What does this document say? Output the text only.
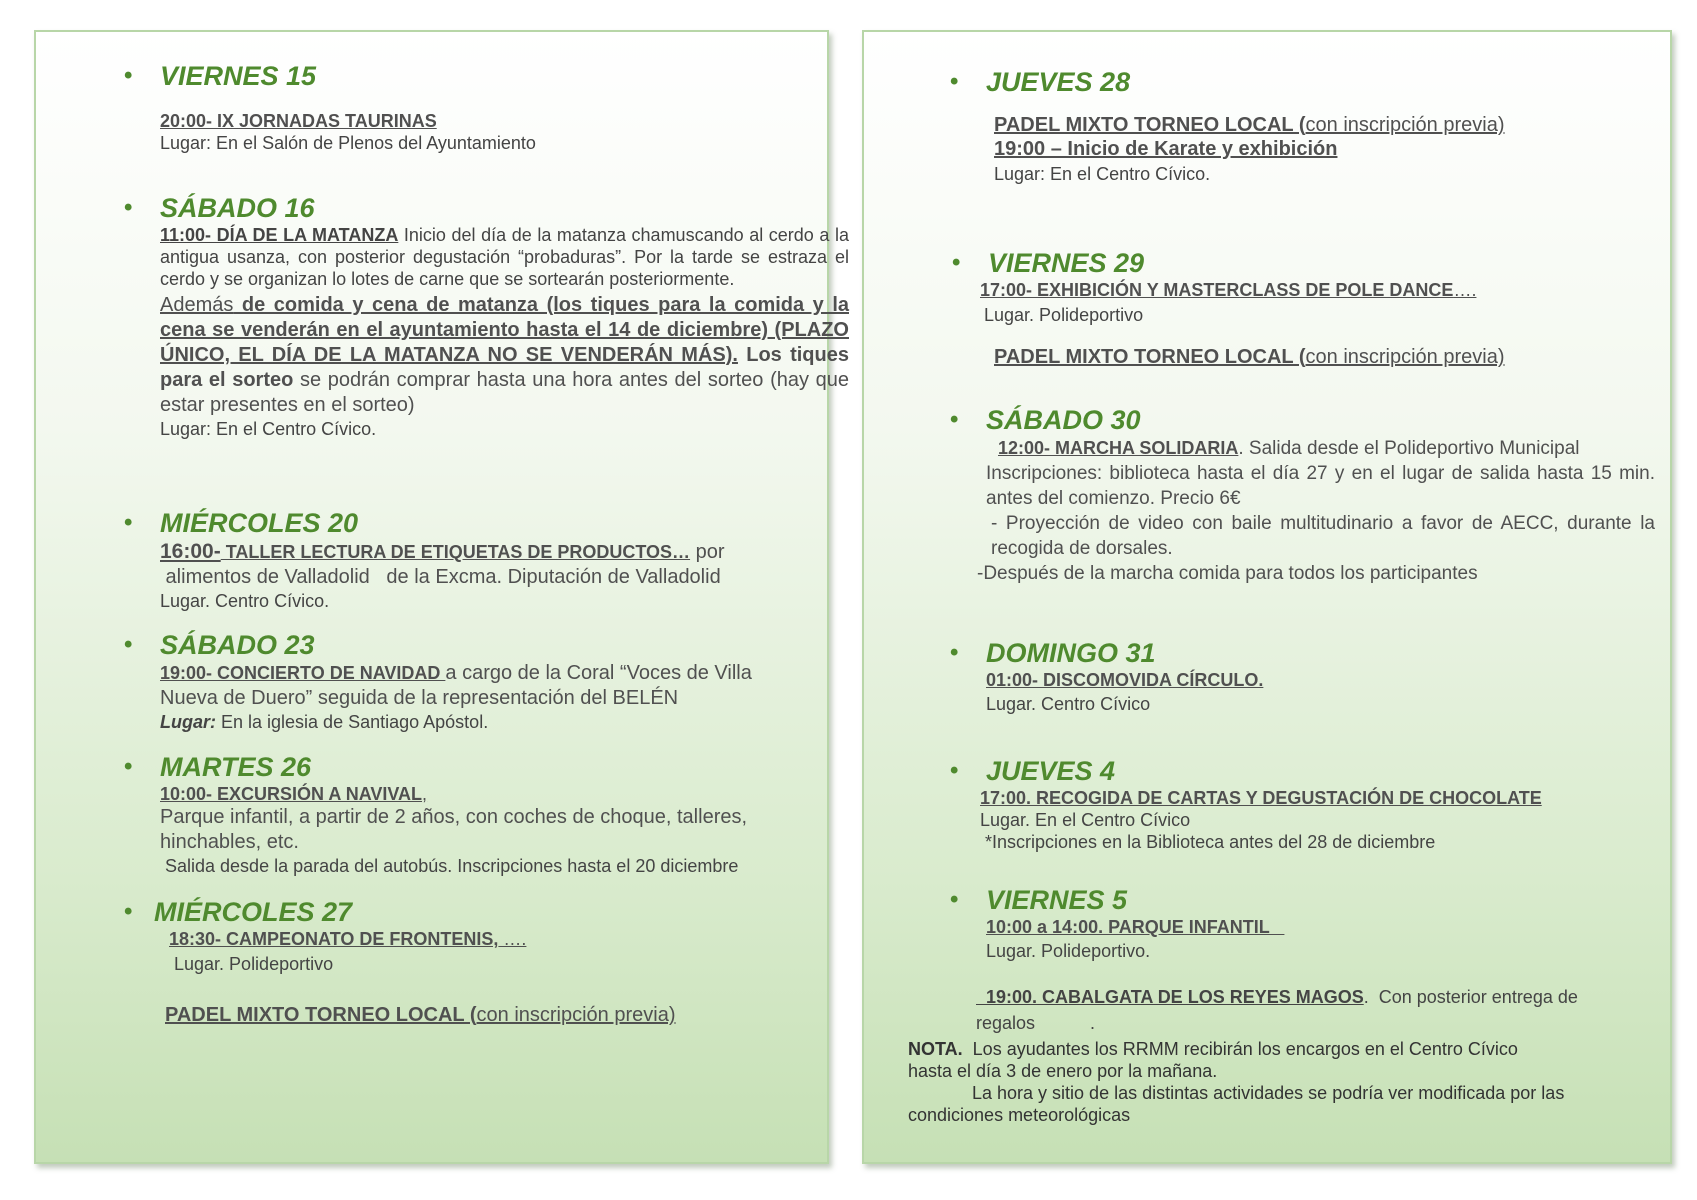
• VIERNES 15
20:00- IX JORNADAS TAURINAS
Lugar: En el Salón de Plenos del Ayuntamiento
• SÁBADO 16
11:00- DÍA DE LA MATANZA Inicio del día de la matanza chamuscando al cerdo a la antigua usanza, con posterior degustación “probaduras”. Por la tarde se estraza el cerdo y se organizan lo lotes de carne que se sortearán posteriormente.
Además de comida y cena de matanza (los tiques para la comida y la cena se venderán en el ayuntamiento hasta el 14 de diciembre) (PLAZO ÚNICO, EL DÍA DE LA MATANZA NO SE VENDERÁN MÁS). Los tiques para el sorteo se podrán comprar hasta una hora antes del sorteo (hay que estar presentes en el sorteo)
Lugar: En el Centro Cívico.
• MIÉRCOLES 20
16:00- TALLER LECTURA DE ETIQUETAS DE PRODUCTOS… por
alimentos de Valladolid   de la Excma. Diputación de Valladolid
Lugar. Centro Cívico.
• SÁBADO 23
19:00- CONCIERTO DE NAVIDAD a cargo de la Coral “Voces de Villa Nueva de Duero” seguida de la representación del BELÉN
Lugar: En la iglesia de Santiago Apóstol.
• MARTES 26
10:00- EXCURSIÓN A NAVIVAL,
Parque infantil, a partir de 2 años, con coches de choque, talleres, hinchables, etc.
Salida desde la parada del autobús. Inscripciones hasta el 20 diciembre
• MIÉRCOLES 27
18:30- CAMPEONATO DE FRONTENIS, ….
Lugar. Polideportivo
PADEL MIXTO TORNEO LOCAL (con inscripción previa)
• JUEVES 28
PADEL MIXTO TORNEO LOCAL (con inscripción previa)
19:00 – Inicio de Karate y exhibición
Lugar: En el Centro Cívico.
• VIERNES 29
17:00- EXHIBICIÓN Y MASTERCLASS DE POLE DANCE….
Lugar. Polideportivo
PADEL MIXTO TORNEO LOCAL (con inscripción previa)
• SÁBADO 30
12:00- MARCHA SOLIDARIA. Salida desde el Polideportivo Municipal
Inscripciones: biblioteca hasta el día 27 y en el lugar de salida hasta 15 min. antes del comienzo. Precio 6€
- Proyección de video con baile multitudinario a favor de AECC, durante la recogida de dorsales.
-Después de la marcha comida para todos los participantes
• DOMINGO 31
01:00- DISCOMOVIDA CÍRCULO.
Lugar. Centro Cívico
• JUEVES 4
17:00. RECOGIDA DE CARTAS Y DEGUSTACIÓN DE CHOCOLATE
Lugar. En el Centro Cívico
*Inscripciones en la Biblioteca antes del 28 de diciembre
• VIERNES 5
10:00 a 14:00. PARQUE INFANTIL
Lugar. Polideportivo.
19:00. CABALGATA DE LOS REYES MAGOS.  Con posterior entrega de regalos           .
NOTA.  Los ayudantes los RRMM recibirán los encargos en el Centro Cívico
hasta el día 3 de enero por la mañana.
La hora y sitio de las distintas actividades se podría ver modificada por las
condiciones meteorológicas
